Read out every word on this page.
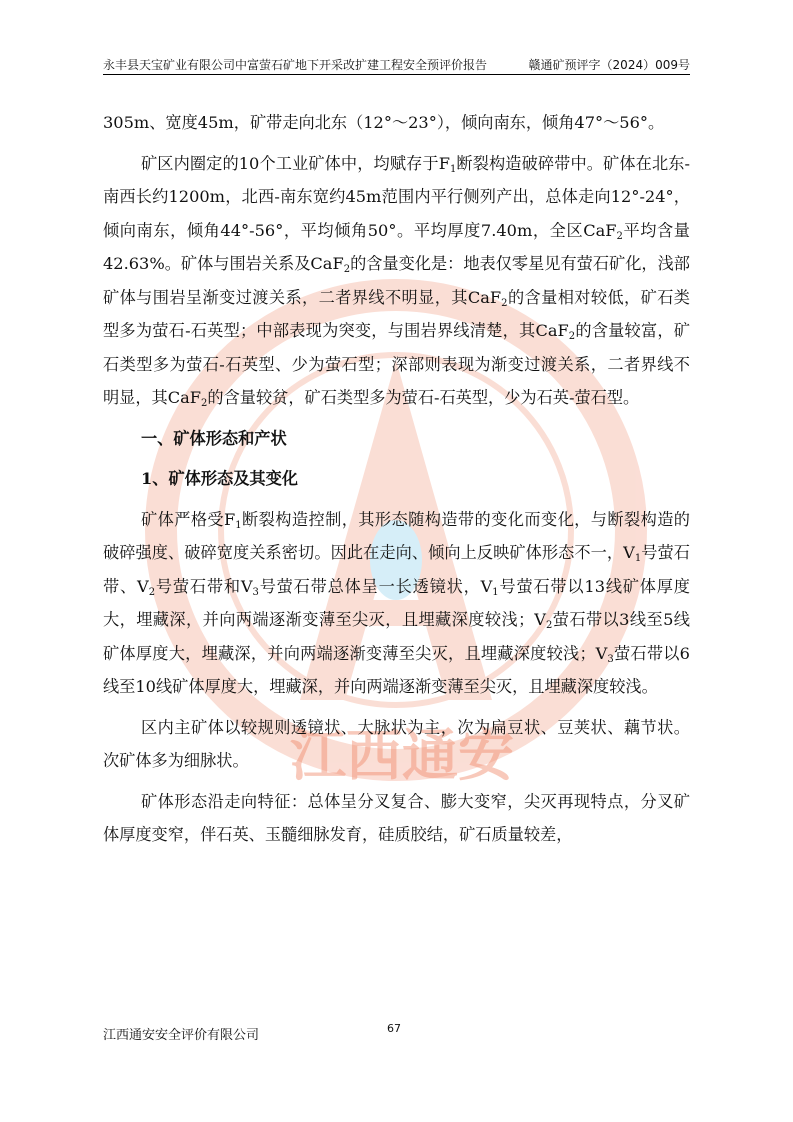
江西通安
永丰县天宝矿业有限公司中富萤石矿地下开采改扩建工程安全预评价报告	赣通矿预评字（2024）009号

305m、宽度45m，矿带走向北东（12°～23°），倾向南东，倾角47°～56°。

矿区内圈定的10个工业矿体中，均赋存于$F_1$断裂构造破碎带中。矿体在北东-南西长约1200m，北西-南东宽约45m范围内平行侧列产出，总体走向12°-24°，倾向南东，倾角44°-56°，平均倾角50°。平均厚度7.40m，全区CaF$_2$平均含量42.63%。矿体与围岩关系及CaF$_2$的含量变化是：地表仅零星见有萤石矿化，浅部矿体与围岩呈渐变过渡关系，二者界线不明显，其CaF$_2$的含量相对较低，矿石类型多为萤石-石英型；中部表现为突变，与围岩界线清楚，其CaF$_2$的含量较富，矿石类型多为萤石-石英型、少为萤石型；深部则表现为渐变过渡关系，二者界线不明显，其CaF$_2$的含量较贫，矿石类型多为萤石-石英型，少为石英-萤石型。

一、矿体形态和产状

1、矿体形态及其变化

矿体严格受$F_1$断裂构造控制，其形态随构造带的变化而变化，与断裂构造的破碎强度、破碎宽度关系密切。因此在走向、倾向上反映矿体形态不一，$V_1$号萤石带、$V_2$号萤石带和$V_3$号萤石带总体呈一长透镜状，$V_1$号萤石带以13线矿体厚度大，埋藏深，并向两端逐渐变薄至尖灭，且埋藏深度较浅；$V_2$萤石带以3线至5线矿体厚度大，埋藏深，并向两端逐渐变薄至尖灭，且埋藏深度较浅；$V_3$萤石带以6线至10线矿体厚度大，埋藏深，并向两端逐渐变薄至尖灭，且埋藏深度较浅。

区内主矿体以较规则透镜状、大脉状为主，次为扁豆状、豆荚状、藕节状。次矿体多为细脉状。

矿体形态沿走向特征：总体呈分叉复合、膨大变窄，尖灭再现特点，分叉矿体厚度变窄，伴石英、玉髓细脉发育，硅质胶结，矿石质量较差，

江西通安安全评价有限公司	67
